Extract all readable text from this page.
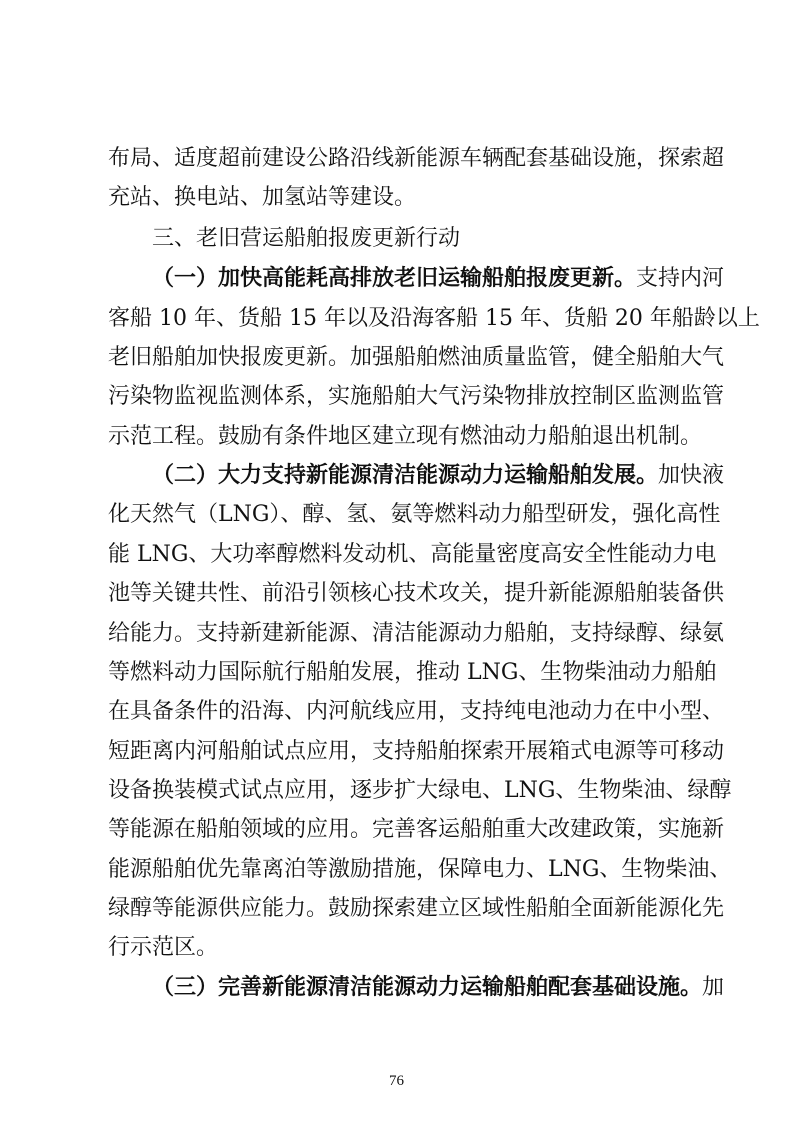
布局、适度超前建设公路沿线新能源车辆配套基础设施，探索超
充站、换电站、加氢站等建设。
三、老旧营运船舶报废更新行动
（一）加快高能耗高排放老旧运输船舶报废更新。支持内河
客船 10 年、货船 15 年以及沿海客船 15 年、货船 20 年船龄以上
老旧船舶加快报废更新。加强船舶燃油质量监管，健全船舶大气
污染物监视监测体系，实施船舶大气污染物排放控制区监测监管
示范工程。鼓励有条件地区建立现有燃油动力船舶退出机制。
（二）大力支持新能源清洁能源动力运输船舶发展。加快液
化天然气（LNG）、醇、氢、氨等燃料动力船型研发，强化高性
能 LNG、大功率醇燃料发动机、高能量密度高安全性能动力电
池等关键共性、前沿引领核心技术攻关，提升新能源船舶装备供
给能力。支持新建新能源、清洁能源动力船舶，支持绿醇、绿氨
等燃料动力国际航行船舶发展，推动 LNG、生物柴油动力船舶
在具备条件的沿海、内河航线应用，支持纯电池动力在中小型、
短距离内河船舶试点应用，支持船舶探索开展箱式电源等可移动
设备换装模式试点应用，逐步扩大绿电、LNG、生物柴油、绿醇
等能源在船舶领域的应用。完善客运船舶重大改建政策，实施新
能源船舶优先靠离泊等激励措施，保障电力、LNG、生物柴油、
绿醇等能源供应能力。鼓励探索建立区域性船舶全面新能源化先
行示范区。
（三）完善新能源清洁能源动力运输船舶配套基础设施。加
76
